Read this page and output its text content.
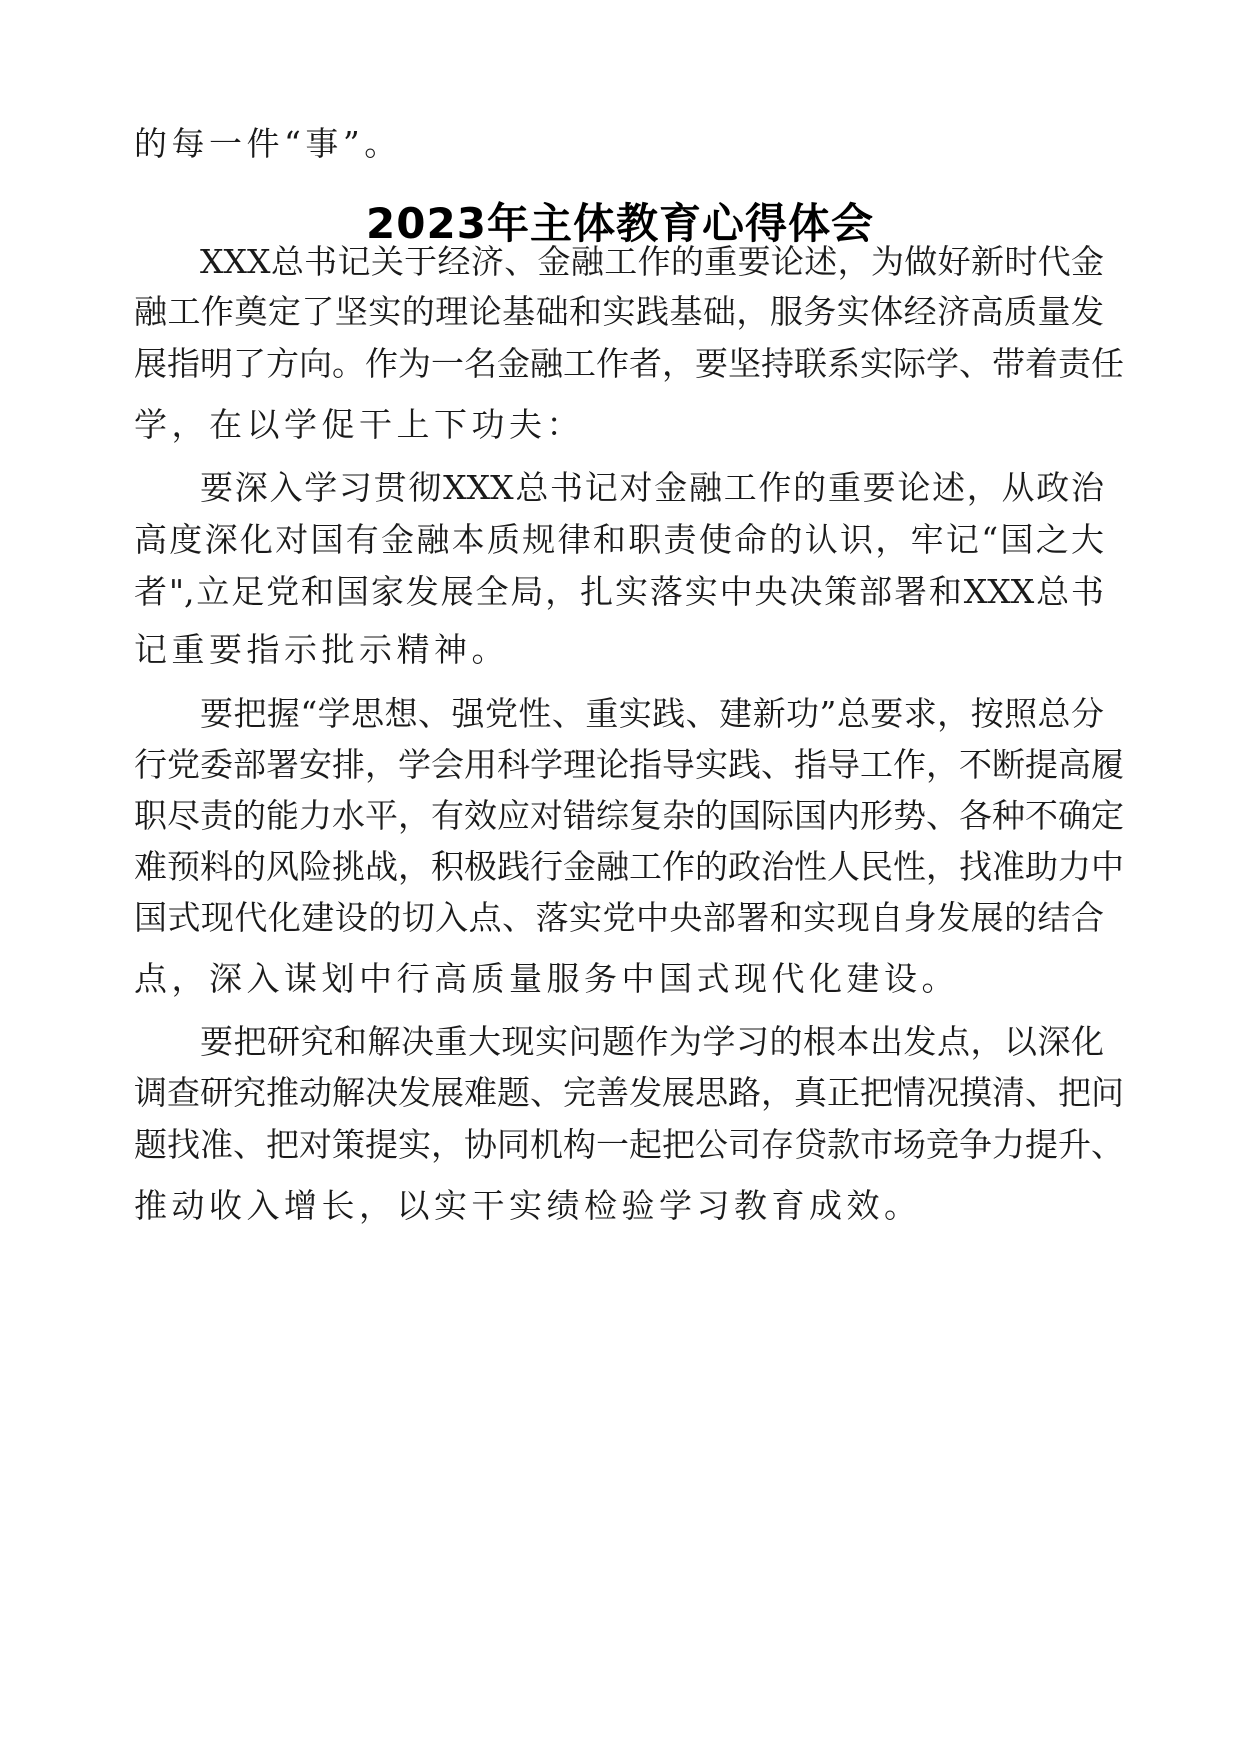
的每一件“事”。
2023年主体教育心得体会
XXX总书记关于经济、金融工作的重要论述，为做好新时代金
融工作奠定了坚实的理论基础和实践基础，服务实体经济高质量发
展指明了方向。作为一名金融工作者，要坚持联系实际学、带着责任
学，在以学促干上下功夫：
要深入学习贯彻XXX总书记对金融工作的重要论述，从政治
高度深化对国有金融本质规律和职责使命的认识，牢记“国之大
者",立足党和国家发展全局，扎实落实中央决策部署和XXX总书
记重要指示批示精神。
要把握“学思想、强党性、重实践、建新功”总要求，按照总分
行党委部署安排，学会用科学理论指导实践、指导工作，不断提高履
职尽责的能力水平，有效应对错综复杂的国际国内形势、各种不确定
难预料的风险挑战，积极践行金融工作的政治性人民性，找准助力中
国式现代化建设的切入点、落实党中央部署和实现自身发展的结合
点，深入谋划中行高质量服务中国式现代化建设。
要把研究和解决重大现实问题作为学习的根本出发点，以深化
调查研究推动解决发展难题、完善发展思路，真正把情况摸清、把问
题找准、把对策提实，协同机构一起把公司存贷款市场竞争力提升、
推动收入增长，以实干实绩检验学习教育成效。
